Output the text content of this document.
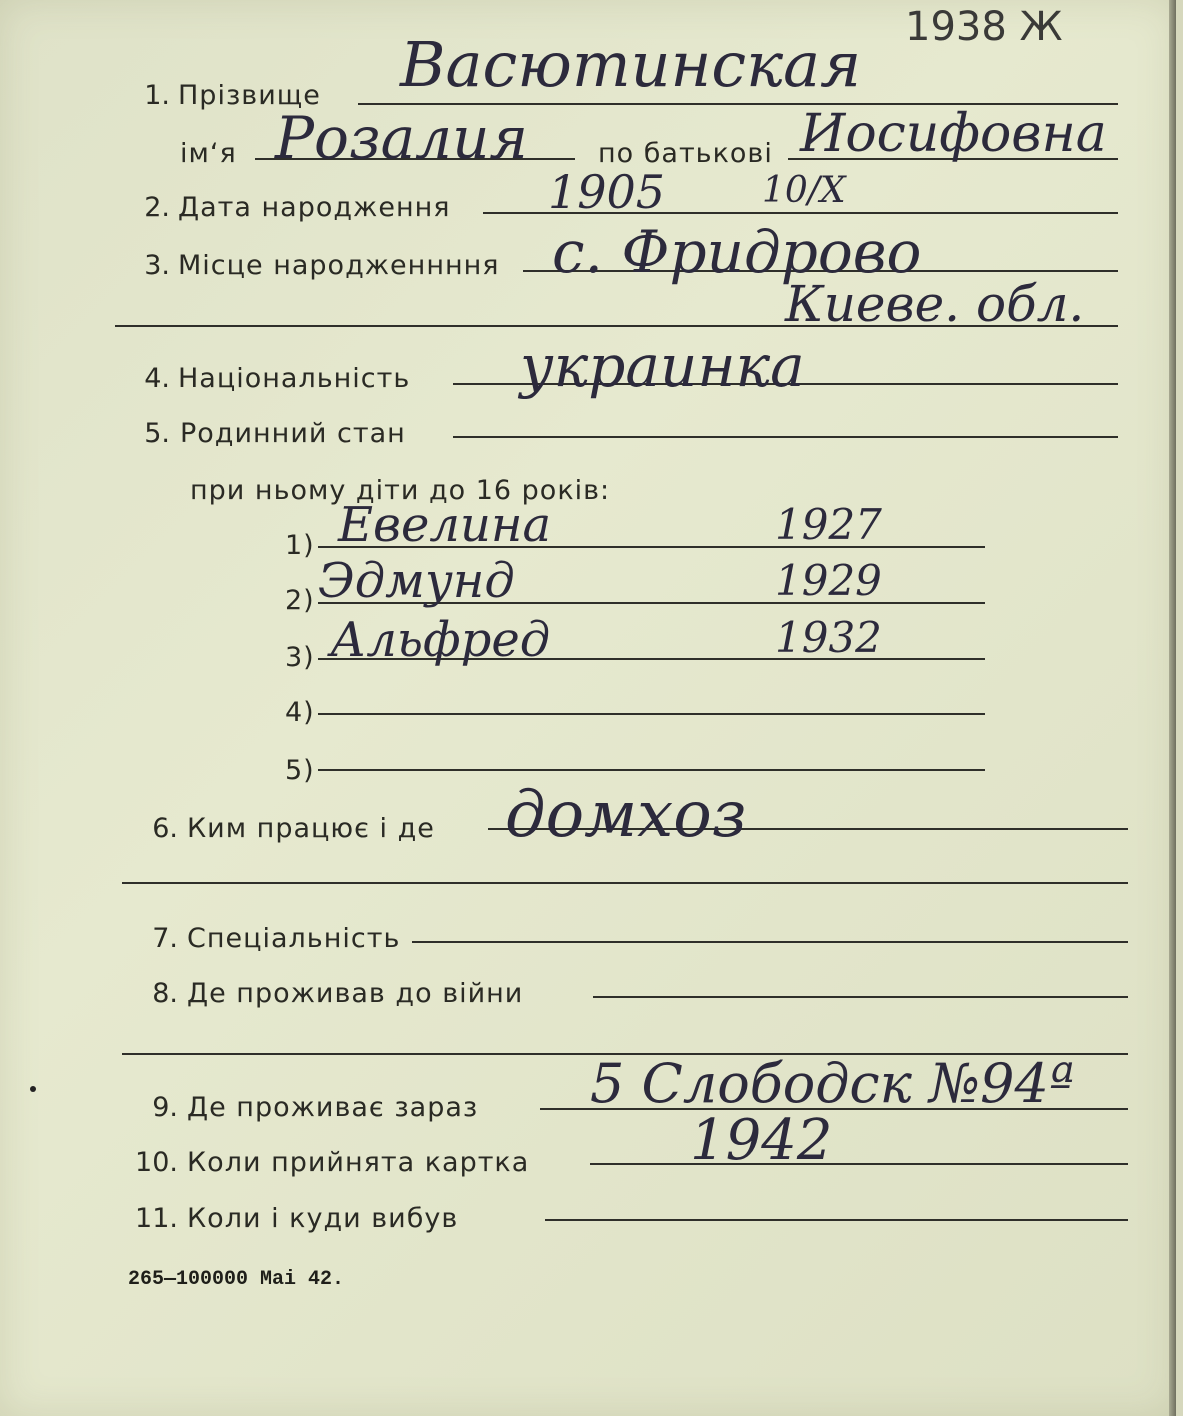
1938 Ж
1. Прізвище Васютинская
ім‘я Розалия	по батькові Иосифовна
2. Дата народження 1905	10/Х
3. Місце народженнння с. Фридрово
Киеве. обл.
4. Національність украинка
5. Родинний стан
при ньому діти до 16 років:
1) Евелина	1927
2) Эдмунд	1929
3) Альфред	1932
4)
5)
6. Ким працює і де домхоз
7. Спеціальність
8. Де проживав до війни
9. Де проживає зараз 5 Слободск №94ª
10. Коли прийнята картка	1942
11. Коли і куди вибув
265—100000 Mai 42.
